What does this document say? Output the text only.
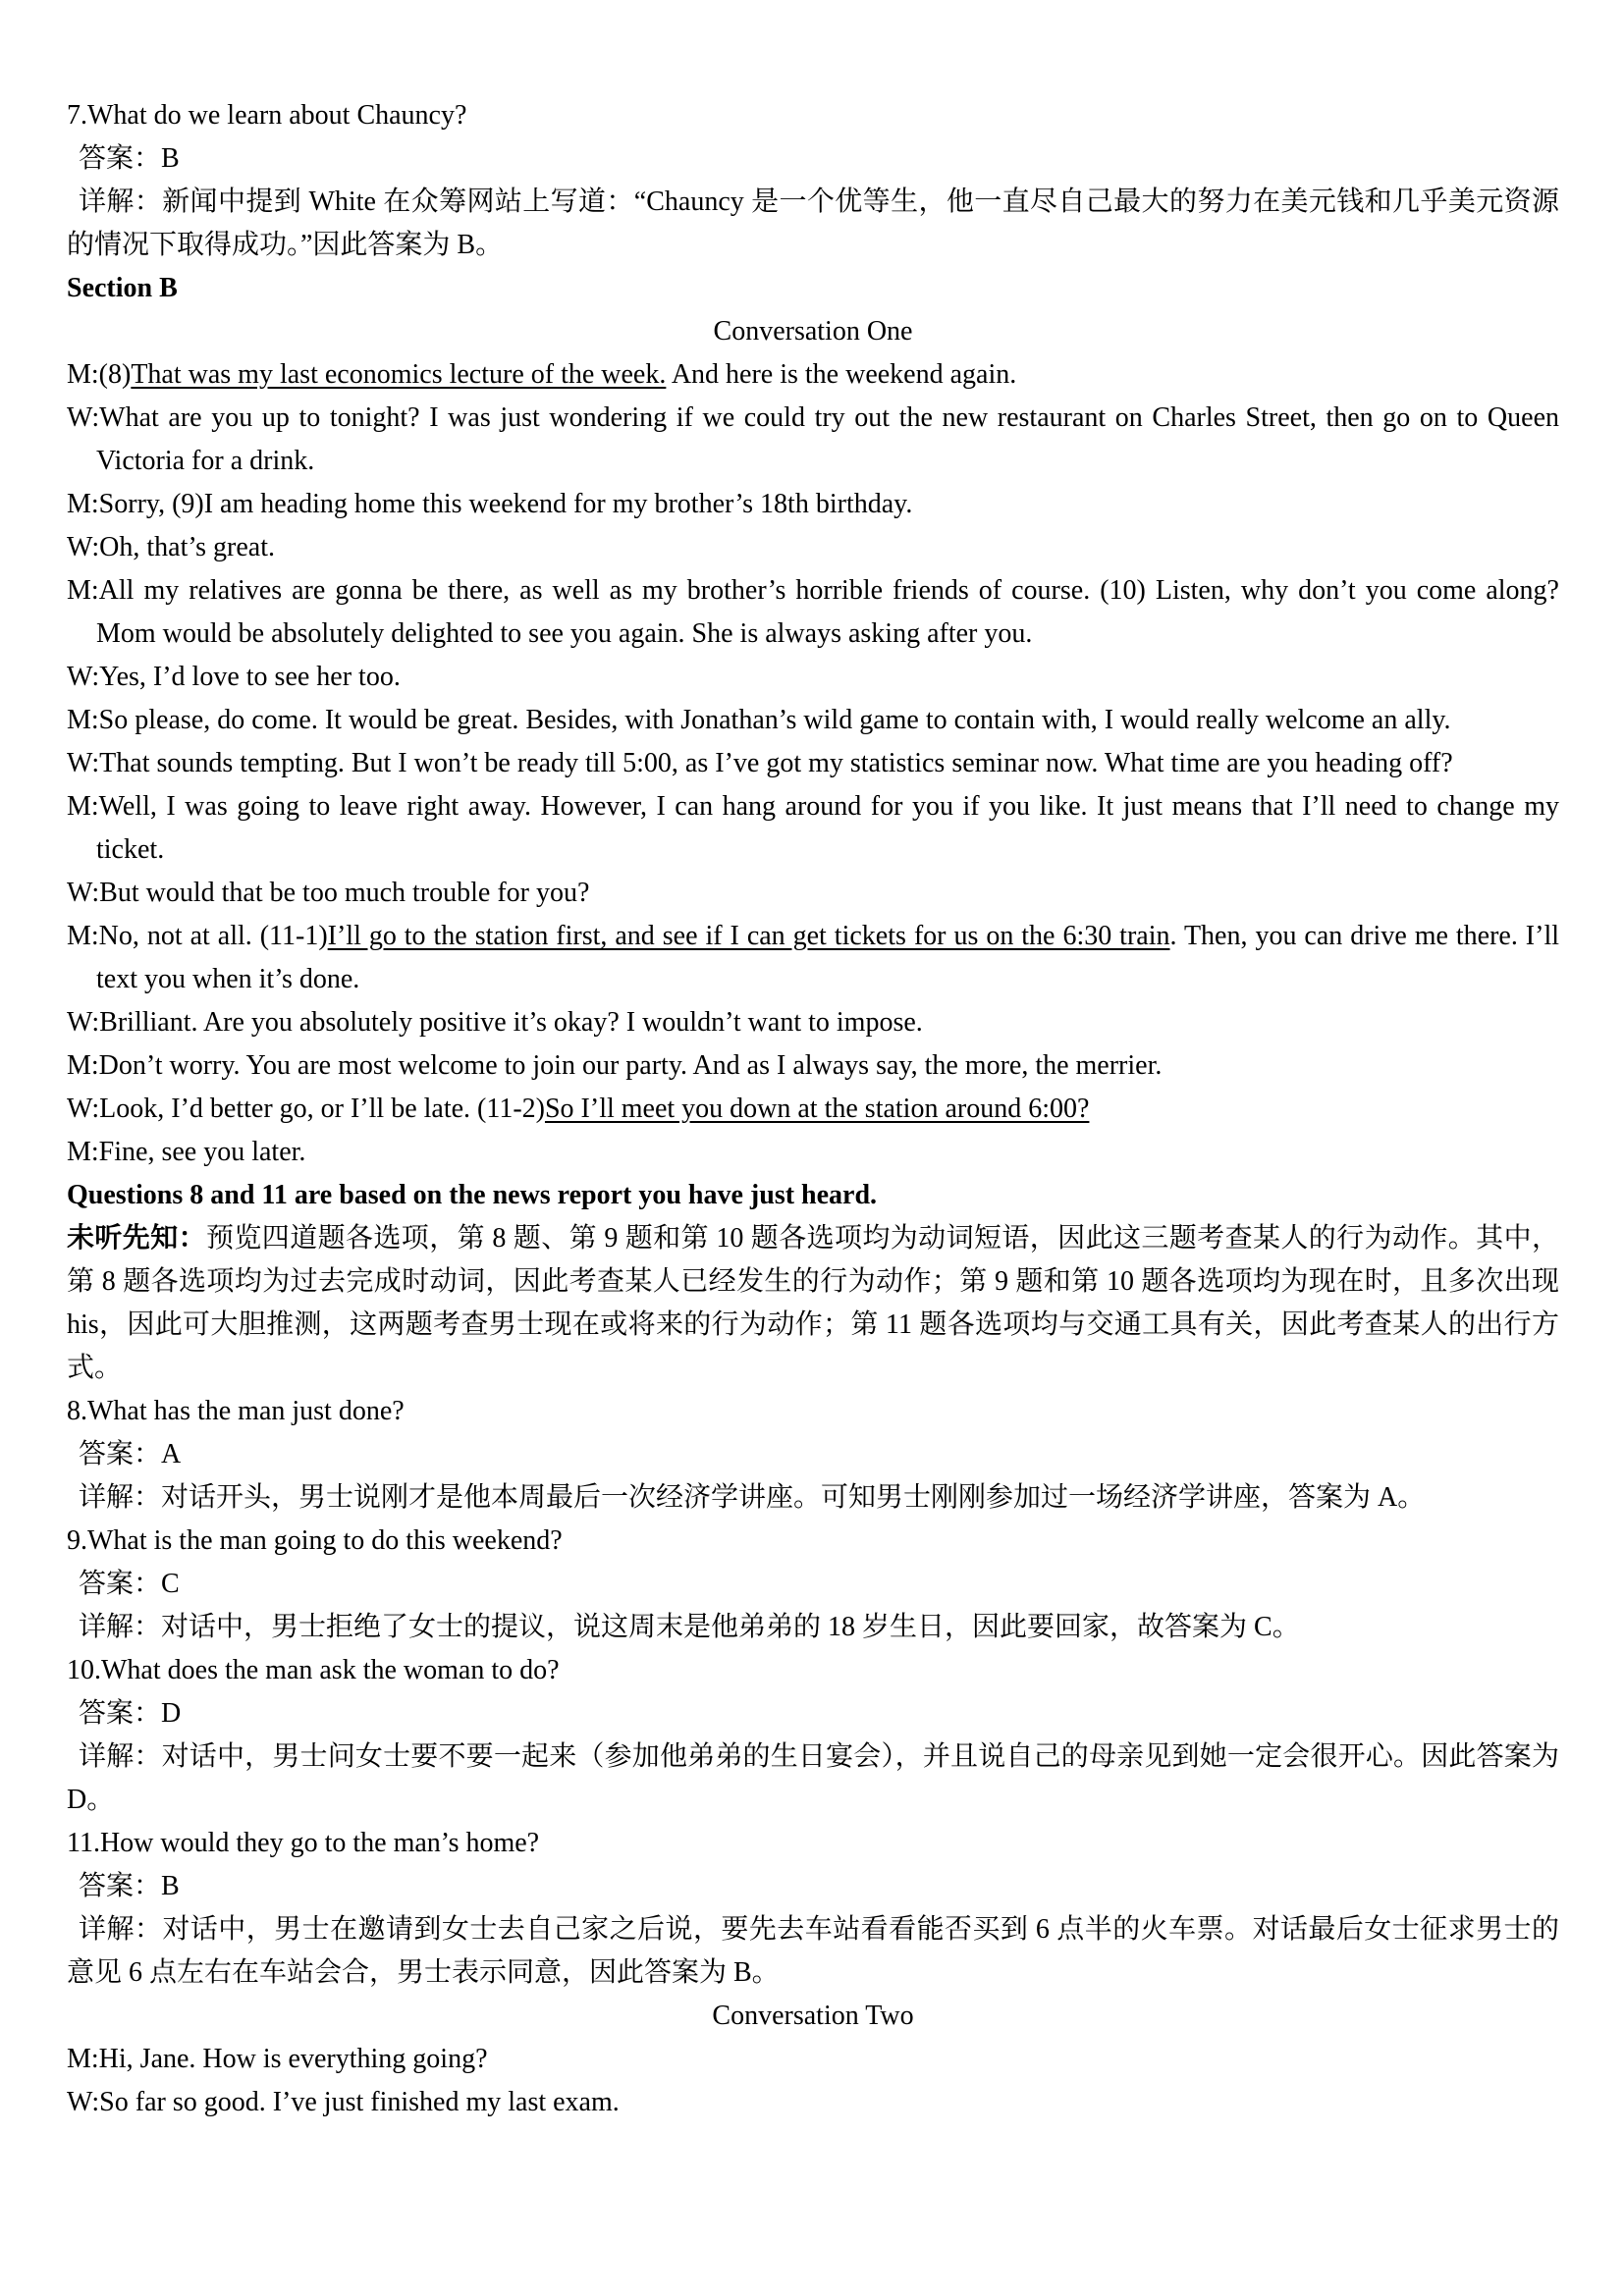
7.What do we learn about Chauncy?

答案：B

详解：新闻中提到 White 在众筹网站上写道：“Chauncy 是一个优等生，他一直尽自己最大的努力在美元钱和几乎美元资源的情况下取得成功。”因此答案为 B。

Section B

Conversation One

M:(8)That was my last economics lecture of the week. And here is the weekend again.

W:What are you up to tonight? I was just wondering if we could try out the new restaurant on Charles Street, then go on to Queen Victoria for a drink.

M:Sorry, (9)I am heading home this weekend for my brother’s 18th birthday.

W:Oh, that’s great.

M:All my relatives are gonna be there, as well as my brother’s horrible friends of course. (10) Listen, why don’t you come along? Mom would be absolutely delighted to see you again. She is always asking after you.

W:Yes, I’d love to see her too.

M:So please, do come. It would be great. Besides, with Jonathan’s wild game to contain with, I would really welcome an ally.

W:That sounds tempting. But I won’t be ready till 5:00, as I’ve got my statistics seminar now. What time are you heading off?

M:Well, I was going to leave right away. However, I can hang around for you if you like. It just means that I’ll need to change my ticket.

W:But would that be too much trouble for you?

M:No, not at all. (11-1)I’ll go to the station first, and see if I can get tickets for us on the 6:30 train. Then, you can drive me there. I’ll text you when it’s done.

W:Brilliant. Are you absolutely positive it’s okay? I wouldn’t want to impose.

M:Don’t worry. You are most welcome to join our party. And as I always say, the more, the merrier.

W:Look, I’d better go, or I’ll be late. (11-2)So I’ll meet you down at the station around 6:00?

M:Fine, see you later.

Questions 8 and 11 are based on the news report you have just heard.

未听先知：预览四道题各选项，第 8 题、第 9 题和第 10 题各选项均为动词短语，因此这三题考查某人的行为动作。其中，第 8 题各选项均为过去完成时动词，因此考查某人已经发生的行为动作；第 9 题和第 10 题各选项均为现在时，且多次出现 his，因此可大胆推测，这两题考查男士现在或将来的行为动作；第 11 题各选项均与交通工具有关，因此考查某人的出行方式。

8.What has the man just done?

答案：A

详解：对话开头，男士说刚才是他本周最后一次经济学讲座。可知男士刚刚参加过一场经济学讲座，答案为 A。

9.What is the man going to do this weekend?

答案：C

详解：对话中，男士拒绝了女士的提议，说这周末是他弟弟的 18 岁生日，因此要回家，故答案为 C。

10.What does the man ask the woman to do?

答案：D

详解：对话中，男士问女士要不要一起来（参加他弟弟的生日宴会），并且说自己的母亲见到她一定会很开心。因此答案为 D。

11.How would they go to the man’s home?

答案：B

详解：对话中，男士在邀请到女士去自己家之后说，要先去车站看看能否买到 6 点半的火车票。对话最后女士征求男士的意见 6 点左右在车站会合，男士表示同意，因此答案为 B。

Conversation Two

M:Hi, Jane. How is everything going?

W:So far so good. I’ve just finished my last exam.
